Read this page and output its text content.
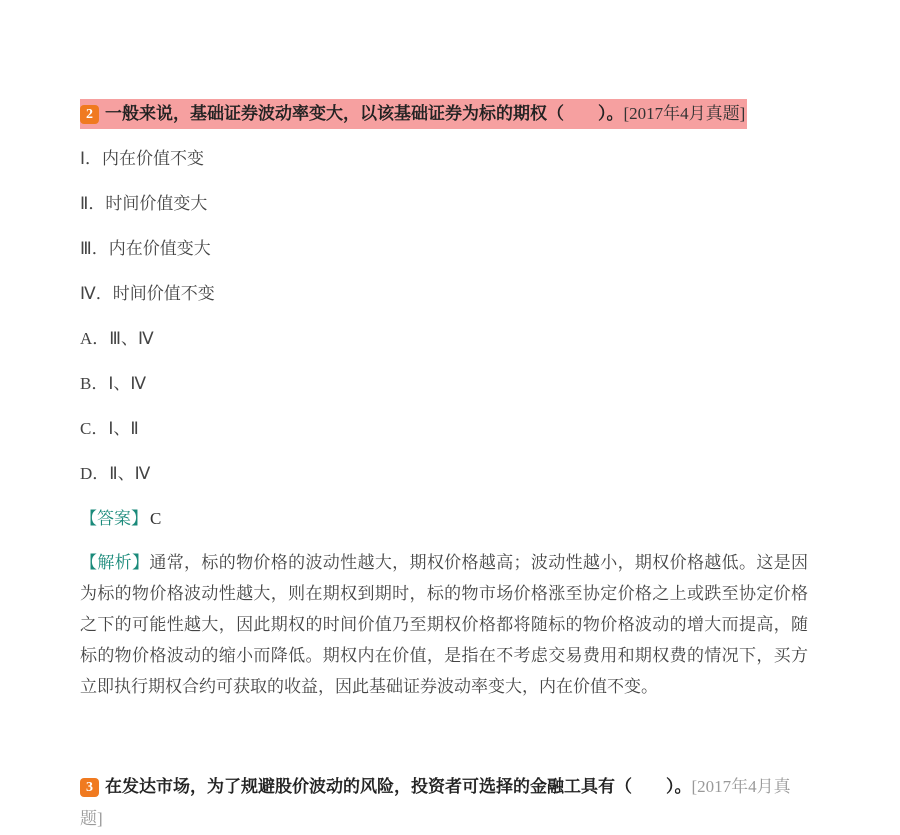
2 一般来说，基础证券波动率变大，以该基础证券为标的期权（　　）。[2017年4月真题]
Ⅰ．内在价值不变
Ⅱ．时间价值变大
Ⅲ．内在价值变大
Ⅳ．时间价值不变
A．Ⅲ、Ⅳ
B．Ⅰ、Ⅳ
C．Ⅰ、Ⅱ
D．Ⅱ、Ⅳ
【答案】 C
【解析】通常，标的物价格的波动性越大，期权价格越高；波动性越小，期权价格越低。这是因为标的物价格波动性越大，则在期权到期时，标的物市场价格涨至协定价格之上或跌至协定价格之下的可能性越大，因此期权的时间价值乃至期权价格都将随标的物价格波动的增大而提高，随标的物价格波动的缩小而降低。期权内在价值，是指在不考虑交易费用和期权费的情况下，买方立即执行期权合约可获取的收益，因此基础证券波动率变大，内在价值不变。
3 在发达市场，为了规避股价波动的风险，投资者可选择的金融工具有（　　）。[2017年4月真题]
